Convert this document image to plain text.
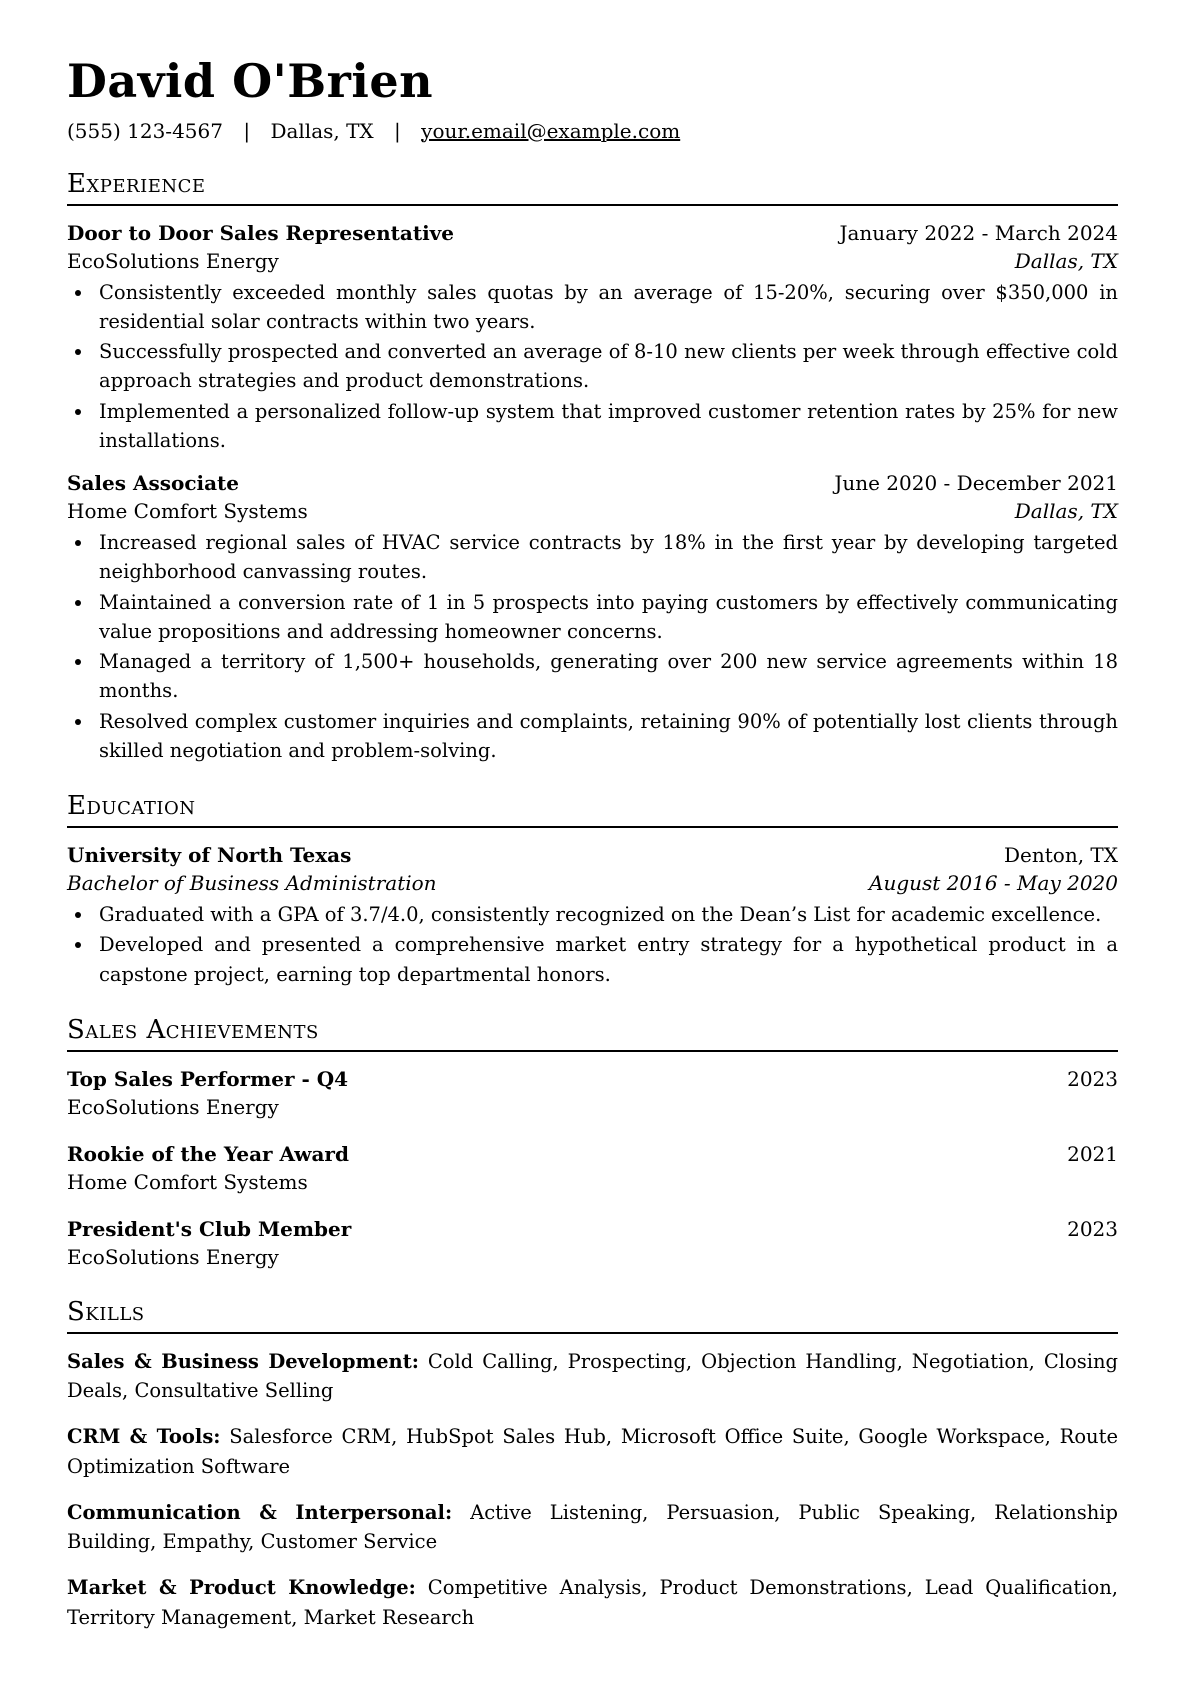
David O'Brien
(555) 123-4567 | Dallas, TX | your.email@example.com
Experience
Door to Door Sales Representative	January 2022 - March 2024
EcoSolutions Energy	Dallas, TX
• Consistently exceeded monthly sales quotas by an average of 15-20%, securing over $350,000 in residential solar contracts within two years.
• Successfully prospected and converted an average of 8-10 new clients per week through effective cold approach strategies and product demonstrations.
• Implemented a personalized follow-up system that improved customer retention rates by 25% for new installations.
Sales Associate	June 2020 - December 2021
Home Comfort Systems	Dallas, TX
• Increased regional sales of HVAC service contracts by 18% in the first year by developing targeted neighborhood canvassing routes.
• Maintained a conversion rate of 1 in 5 prospects into paying customers by effectively communicating value propositions and addressing homeowner concerns.
• Managed a territory of 1,500+ households, generating over 200 new service agreements within 18 months.
• Resolved complex customer inquiries and complaints, retaining 90% of potentially lost clients through skilled negotiation and problem-solving.
Education
University of North Texas	Denton, TX
Bachelor of Business Administration	August 2016 - May 2020
• Graduated with a GPA of 3.7/4.0, consistently recognized on the Dean’s List for academic excellence.
• Developed and presented a comprehensive market entry strategy for a hypothetical product in a capstone project, earning top departmental honors.
Sales Achievements
Top Sales Performer - Q4	2023
EcoSolutions Energy
Rookie of the Year Award	2021
Home Comfort Systems
President's Club Member	2023
EcoSolutions Energy
Skills

Sales & Business Development: Cold Calling, Prospecting, Objection Handling, Negotiation, Closing Deals, Consultative Selling

CRM & Tools: Salesforce CRM, HubSpot Sales Hub, Microsoft Office Suite, Google Workspace, Route Optimization Software

Communication & Interpersonal: Active Listening, Persuasion, Public Speaking, Relationship Building, Empathy, Customer Service

Market & Product Knowledge: Competitive Analysis, Product Demonstrations, Lead Qualification, Territory Management, Market Research
